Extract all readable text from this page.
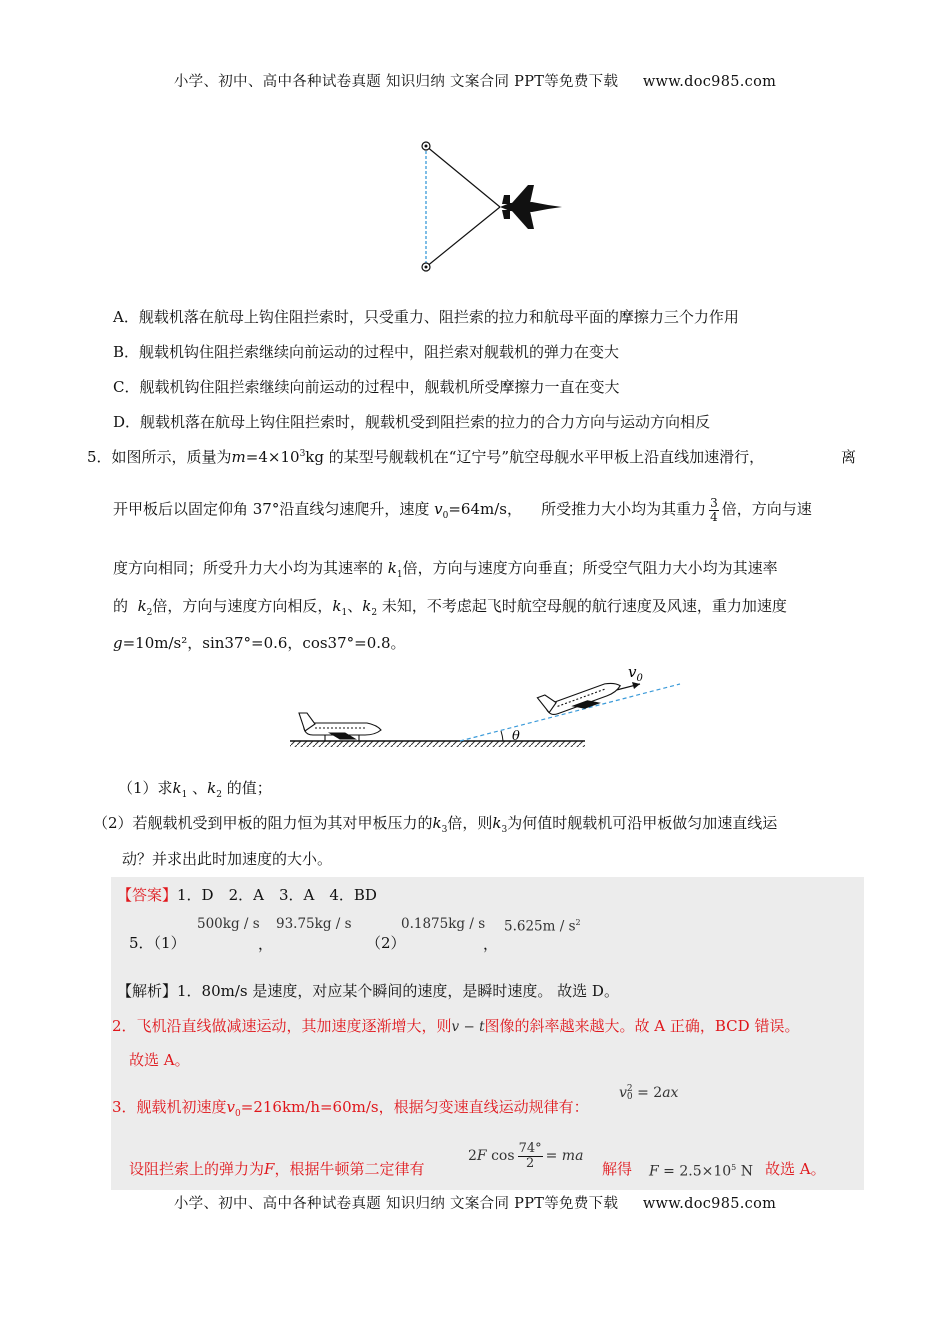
小学、初中、高中各种试卷真题 知识归纳 文案合同 PPT等免费下载 www.doc985.com
A．舰载机落在航母上钩住阻拦索时，只受重力、阻拦索的拉力和航母平面的摩擦力三个力作用
B．舰载机钩住阻拦索继续向前运动的过程中，阻拦索对舰载机的弹力在变大
C．舰载机钩住阻拦索继续向前运动的过程中，舰载机所受摩擦力一直在变大
D．舰载机落在航母上钩住阻拦索时，舰载机受到阻拦索的拉力的合力方向与运动方向相反
5．如图所示，质量为$m=4\times 10^3kg$ 的某型号舰载机在“辽宁号”航空母舰水平甲板上沿直线加速滑行，	离
开甲板后以固定仰角 37°沿直线匀速爬升，速度 $v_0=64m/s$， 所受推力大小均为其重力 $\frac{3}{4}$ 倍，方向与速
度方向相同；所受升力大小均为其速率的 $k_1$倍，方向与速度方向垂直；所受空气阻力大小均为其速率
的 $k_2$倍，方向与速度方向相反，$k_1$、$k_2$ 未知，不考虑起飞时航空母舰的航行速度及风速，重力加速度
g=10m/s²，sin37°=0.6，cos37°=0.8。
θ
$v_0$
（1）求$k_1$ 、$k_2$ 的值；
（2）若舰载机受到甲板的阻力恒为其对甲板压力的$k_3$倍，则$k_3$为何值时舰载机可沿甲板做匀加速直线运
动？并求出此时加速度的大小。
【答案】1．D　2．A　3．A　4．BD
5．（1）
500kg / s
，
93.75kg / s
（2）
0.1875kg / s
，
$5.625m / s^2$
【解析】1．80m/s 是速度，对应某个瞬间的速度，是瞬时速度。 故选 D。
2．飞机沿直线做减速运动，其加速度逐渐增大，则v − t图像的斜率越来越大。故 A 正确，BCD 错误。
故选 A。
3．舰载机初速度$v_0=216km/h=60m/s$，根据匀变速直线运动规律有：
v 2
0 = 2ax
设阻拦索上的弹力为F，根据牛顿第二定律有
2F $\cos \frac{74^\circ}{2}$ = ma
解得 $F = 2.5\times 10^5$ N 故选 A。
小学、初中、高中各种试卷真题 知识归纳 文案合同 PPT等免费下载 www.doc985.com
